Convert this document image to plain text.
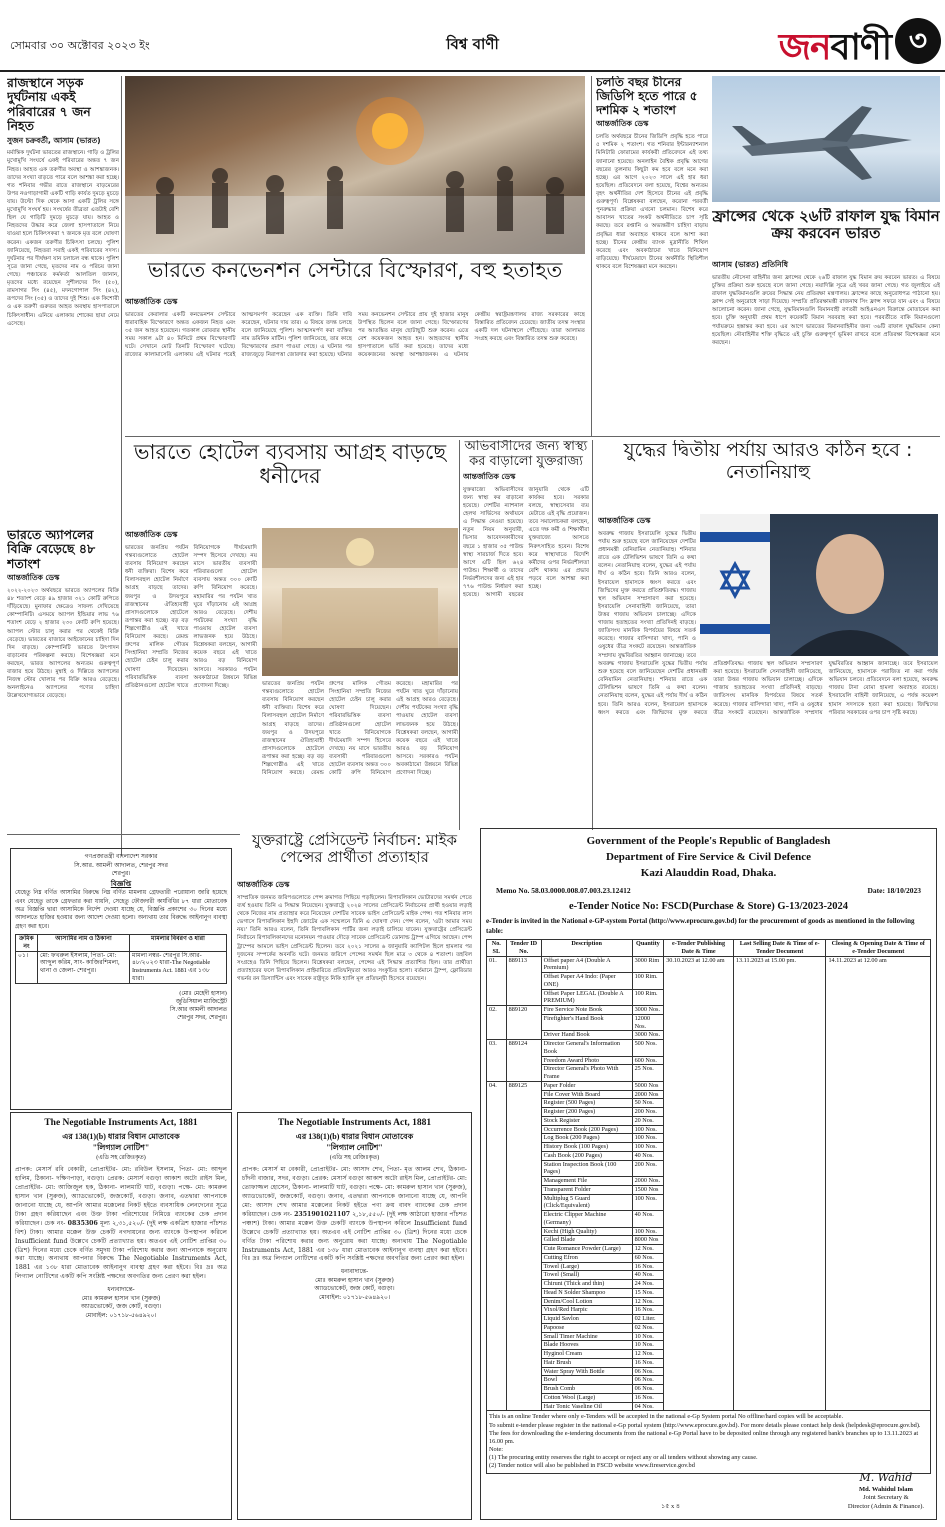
সোমবার ৩০ অক্টোবর ২০২৩ ইং	বিশ্ব বাণী	জনবাণী ৩
রাজস্থানে সড়ক দুর্ঘটনায় একই পরিবারের ৭ জন নিহত
সুজন চক্রবর্তী, আসাম (ভারত)
মর্মান্তিক দুর্ঘটনা ভারতের রাজস্থানে। গাড়ি ও ট্রলির মুখোমুখি সংঘর্ষে একই পরিবারের অন্তত ৭ জন নিহত। আহত এক তরুণীর অবস্থা ও আশঙ্কাজনক। তাদের সংখ্যা বাড়তে পারে বলে আশঙ্কা করা হচ্ছে। গত শনিবার গভীর রাতে রাজস্থানে বাড়মেরের উপর নওগাড়াগামী একটি গাড়ি কার্যত দুমড়ে মুচড়ে যায়। উল্টো দিক থেকে আসা একটি ট্রলির সঙ্গে মুখোমুখি সংঘর্ষ হয়। সংঘর্ষের তীব্রতা এতটাই বেশি ছিল যে গাড়িটি দুমড়ে মুচড়ে যায়। আহত ও নিহতদের উদ্ধার করে জেলা হাসপাতালে নিয়ে যাওয়া হলে চিকিৎসকরা ৭ জনকে মৃত বলে ঘোষণা করেন। একজন তরুণীর চিকিৎসা চলছে। পুলিশ জানিয়েছে, নিহতরা সবাই একই পরিবারের সদস্য। দুর্ঘটনার পর দীর্ঘক্ষণ যান চলাচল বন্ধ থাকে। পুলিশ সূত্রে জানা গেছে, মৃতদের নাম ও পরিচয় জানা গেছে। পঞ্চায়েত কর্মকর্তা আলতিল জানান, মৃতদের মধ্যে রয়েছেন সুশীলদের সিং (৫০), রামসাগর সিং (৪৫), মদনগোপাল সিং (৪২), রূপদেব সিং (৩৫) ও তাদের দুই শিশু। এক কিশোরী ও এক তরুণী গুরুতর আহত অবস্থায় হাসপাতালে চিকিৎসাধীন। এনিয়ে এলাকায় শোকের ছায়া নেমে এসেছে।
ভারতে কনভেনশন সেন্টারে বিস্ফোরণ, বহু হতাহত
আন্তর্জাতিক ডেস্ক
ভারতের কেরালার একটি কনভেনশন সেন্টারে ধারাবাহিক বিস্ফোরণে অন্তত একজন নিহত এবং ৩৫ জন আহত হয়েছেন। গতকাল রোববার স্থানীয় সময় সকাল ৯টা ৪০ মিনিটে প্রথম বিস্ফোরণটি ঘটে। সেখানে মোট তিনটি বিস্ফোরণ ঘটেছে। রাজ্যের কালামাসেরি এলাকায় এই ঘটনার পরেই আত্মসমর্পণ করেছেন এক ব্যক্তি। তিনি দাবি করেছেন, ঘটনার দায় তার। এ বিষয়ে তদন্ত চলছে বলে জানিয়েছে পুলিশ। আত্মসমর্পণ করা ব্যক্তির নাম ডমিনিক মার্টিন। পুলিশ জানিয়েছে, তার কাছে বিস্ফোরণের প্রমাণ পাওয়া গেছে। এ ঘটনার পর রাজ্যজুড়ে নিরাপত্তা জোরদার করা হয়েছে। ঘটনার সময় কনভেনশন সেন্টারে প্রায় দুই হাজার মানুষ উপস্থিত ছিলেন বলে জানা গেছে। বিস্ফোরণের পর আতঙ্কিত মানুষ ছোটাছুটি শুরু করেন। এতে বেশ কয়েকজন আহত হন। আহতদের স্থানীয় হাসপাতালে ভর্তি করা হয়েছে। তাদের মধ্যে কয়েকজনের অবস্থা আশঙ্কাজনক। এ ঘটনায় কেন্দ্রীয় স্বরাষ্ট্রমন্ত্রণালয় রাজ্য সরকারের কাছে বিস্তারিত প্রতিবেদন চেয়েছে। জাতীয় তদন্ত সংস্থার একটি দল ঘটনাস্থলে পৌঁছেছে। তারা আলামত সংগ্রহ করছে এবং বিস্তারিত তদন্ত শুরু করেছে।
চলতি বছর চীনের জিডিপি হতে পারে ৫ দশমিক ২ শতাংশ
আন্তর্জাতিক ডেস্ক
চলতি অর্থবছরে চীনের জিডিপি প্রবৃদ্ধি হতে পারে ৫ দশমিক ২ শতাংশ। গত শনিবার ইন্টারন্যাশনাল মিনিটারি ফোরামের কার্যকরী প্রতিবেদনে এই তথ্য জানানো হয়েছে। অনলাইন বৈশ্বিক প্রবৃদ্ধি আগের বছরের তুলনায় কিছুটা কম হবে বলে মনে করা হচ্ছে। এর আগে ২০২৩ সালে এই হার ধরা হয়েছিল। প্রতিবেদনে বলা হয়েছে, বিশ্বের অন্যতম বৃহৎ অর্থনীতির দেশ হিসেবে চীনের এই প্রবৃদ্ধি গুরুত্বপূর্ণ। বিশ্লেষকরা বলছেন, করোনা পরবর্তী পুনরুদ্ধার প্রক্রিয়া এখনো চলমান। বিশেষ করে আবাসন খাতের সংকট অর্থনীতিতে চাপ সৃষ্টি করছে। তবে রপ্তানি ও অভ্যন্তরীণ চাহিদা বাড়ায় প্রবৃদ্ধির ধারা অব্যাহত থাকবে বলে আশা করা হচ্ছে। চীনের কেন্দ্রীয় ব্যাংক মুদ্রানীতি শিথিল করেছে এবং অবকাঠামো খাতে বিনিয়োগ বাড়িয়েছে। দীর্ঘমেয়াদে চীনের অর্থনীতি স্থিতিশীল থাকবে বলে বিশেষজ্ঞরা মনে করছেন।
ফ্রান্সের থেকে ২৬টি রাফাল যুদ্ধ বিমান ক্রয় করবেন ভারত
আসাম (ভারত) প্রতিনিধি
ভারতীয় নৌসেনা বাহিনীর জন্য ফ্রান্সের থেকে ২৬টি রাফাল যুদ্ধ বিমান ক্রয় করবেন ভারত। এ বিষয়ে চুক্তির প্রক্রিয়া শুরু হয়েছে বলে জানা গেছে। নয়াদিল্লি সূত্রে এই খবর জানা গেছে। গত জুলাইয়ে এই রাফাল যুদ্ধবিমানগুলি ক্রয়ের সিদ্ধান্ত নেয় প্রতিরক্ষা মন্ত্রণালয়। ফ্রান্সের কাছে অনুরোধপত্র পাঠানো হয়। ফ্রান্স সেই অনুরোধে সাড়া দিয়েছে। সম্প্রতি প্রতিরক্ষামন্ত্রী রাজনাথ সিং ফ্রান্স সফরে যান এবং এ বিষয়ে আলোচনা করেন। জানা গেছে, যুদ্ধবিমানগুলি বিমানবাহী রণতরী আইএনএস বিক্রান্তে মোতায়েন করা হবে। চুক্তি অনুযায়ী প্রথম ধাপে কয়েকটি বিমান সরবরাহ করা হবে। পরবর্তীতে বাকি বিমানগুলো পর্যায়ক্রমে হস্তান্তর করা হবে। এর আগে ভারতের বিমানবাহিনীর জন্য ৩৬টি রাফাল যুদ্ধবিমান কেনা হয়েছিল। নৌবাহিনীর শক্তি বৃদ্ধিতে এই চুক্তি গুরুত্বপূর্ণ ভূমিকা রাখবে বলে প্রতিরক্ষা বিশেষজ্ঞরা মনে করছেন।
ভারতে অ্যাপলের বিক্রি বেড়েছে ৪৮ শতাংশ
আন্তর্জাতিক ডেস্ক
২০২২-২০২৩ অর্থবছরে ভারতে অ্যাপলের বিক্রি ৪৮ শতাংশ বেড়ে ৪৯ হাজার ৩২১ কোটি রুপিতে দাঁড়িয়েছে। মুনাফার ক্ষেত্রেও সাফল্য দেখিয়েছে কোম্পানিটি। এসময়ে অ্যাপল ইন্ডিয়ার লাভ ৭৬ শতাংশ বেড়ে ২ হাজার ২৩০ কোটি রুপি হয়েছে। অ্যাপল স্টোর চালু করার পর থেকেই বিক্রি বেড়েছে। ভারতের বাজারে আইফোনের চাহিদা দিন দিন বাড়ছে। কোম্পানিটি ভারতে উৎপাদন বাড়ানোর পরিকল্পনা করছে। বিশেষজ্ঞরা মনে করছেন, ভারত অ্যাপলের অন্যতম গুরুত্বপূর্ণ বাজার হয়ে উঠছে। মুম্বাই ও দিল্লিতে অ্যাপলের নিজস্ব স্টোর খোলার পর বিক্রি আরও বেড়েছে। অনলাইনেও অ্যাপলের পণ্যের চাহিদা উল্লেখযোগ্যভাবে বেড়েছে।
ভারতে হোটেল ব্যবসায় আগ্রহ বাড়ছে ধনীদের
আন্তর্জাতিক ডেস্ক
ভারতের জনপ্রিয় পর্যটন গন্তব্যগুলোতে হোটেল ব্যবসায় বিনিয়োগ করছেন ধনী ব্যক্তিরা। বিশেষ করে বিলাসবহুল হোটেল নির্মাণে আগ্রহ বাড়ছে তাদের। জয়পুর ও উদয়পুরে রাজস্থানের ঐতিহ্যবাহী প্রাসাদগুলোকে হোটেলে রূপান্তর করা হচ্ছে। বড় বড় শিল্পগোষ্ঠীও এই খাতে বিনিয়োগ করছে। রেমন্ড গ্রুপের মালিক গৌতম সিংহানিয়া সম্প্রতি নিজের হোটেল চেইন চালু করার ঘোষণা দিয়েছেন। পরিবারভিত্তিক ব্যবসা প্রতিষ্ঠানগুলো হোটেল খাতে বিনিয়োগকে দীর্ঘমেয়াদি সম্পদ হিসেবে দেখছে। নয় মাসে ভারতীয় ব্যবসায়ী পরিবারগুলো হোটেল ব্যবসায় অন্তত ৩০০ কোটি রুপি বিনিয়োগ করেছে। মহামারির পর পর্যটন খাত ঘুরে দাঁড়ানোয় এই আগ্রহ আরও বেড়েছে। দেশীয় পর্যটকের সংখ্যা বৃদ্ধি পাওয়ায় হোটেল ব্যবসা লাভজনক হয়ে উঠছে। বিশ্লেষকরা বলছেন, আগামী কয়েক বছরে এই খাতে আরও বড় বিনিয়োগ আসবে। সরকারও পর্যটন অবকাঠামো উন্নয়নে বিভিন্ন প্রণোদনা দিচ্ছে।	ভারতের জনপ্রিয় পর্যটন গন্তব্যগুলোতে হোটেল ব্যবসায় বিনিয়োগ করছেন ধনী ব্যক্তিরা। বিশেষ করে বিলাসবহুল হোটেল নির্মাণে আগ্রহ বাড়ছে তাদের। জয়পুর ও উদয়পুরে রাজস্থানের ঐতিহ্যবাহী প্রাসাদগুলোকে হোটেলে রূপান্তর করা হচ্ছে। বড় বড় শিল্পগোষ্ঠীও এই খাতে বিনিয়োগ করছে। রেমন্ড গ্রুপের মালিক গৌতম সিংহানিয়া সম্প্রতি নিজের হোটেল চেইন চালু করার ঘোষণা দিয়েছেন। পরিবারভিত্তিক ব্যবসা প্রতিষ্ঠানগুলো হোটেল খাতে বিনিয়োগকে দীর্ঘমেয়াদি সম্পদ হিসেবে দেখছে। নয় মাসে ভারতীয় ব্যবসায়ী পরিবারগুলো হোটেল ব্যবসায় অন্তত ৩০০ কোটি রুপি বিনিয়োগ করেছে। মহামারির পর পর্যটন খাত ঘুরে দাঁড়ানোয় এই আগ্রহ আরও বেড়েছে। দেশীয় পর্যটকের সংখ্যা বৃদ্ধি পাওয়ায় হোটেল ব্যবসা লাভজনক হয়ে উঠছে। বিশ্লেষকরা বলছেন, আগামী কয়েক বছরে এই খাতে আরও বড় বিনিয়োগ আসবে। সরকারও পর্যটন অবকাঠামো উন্নয়নে বিভিন্ন প্রণোদনা দিচ্ছে।
অভিবাসীদের জন্য স্বাস্থ্য কর বাড়ালো যুক্তরাজ্য
আন্তর্জাতিক ডেস্ক
যুক্তরাজ্যে অভিবাসীদের জন্য স্বাস্থ্য কর বাড়ানো হয়েছে। দেশটির ন্যাশনাল হেলথ সার্ভিসের অর্থায়নে এ সিদ্ধান্ত নেওয়া হয়েছে। নতুন নিয়ম অনুযায়ী, ভিসার আবেদনকারীদের বছরে ১ হাজার ৩৫ পাউন্ড স্বাস্থ্য সারচার্জ দিতে হবে। আগে এটি ছিল ৬২৪ পাউন্ড। শিক্ষার্থী ও তাদের নির্ভরশীলদের জন্য এই হার ৭৭৬ পাউন্ড নির্ধারণ করা হয়েছে। আগামী বছরের জানুয়ারি থেকে এটি কার্যকর হবে। সরকার বলছে, স্বাস্থ্যসেবার ব্যয় মেটাতে এই বৃদ্ধি প্রয়োজন। তবে সমালোচকরা বলছেন, এতে দক্ষ কর্মী ও শিক্ষার্থীরা যুক্তরাজ্যে আসতে নিরুৎসাহিত হবেন। বিশেষ করে স্বাস্থ্যখাতে বিদেশি কর্মীদের ওপর নির্ভরশীলতা বেশি থাকায় এর প্রভাব পড়বে বলে আশঙ্কা করা হচ্ছে।
যুদ্ধের দ্বিতীয় পর্যায় আরও কঠিন হবে : নেতানিয়াহু
আন্তর্জাতিক ডেস্ক
অবরুদ্ধ গাজায় ইসরায়েলি যুদ্ধের দ্বিতীয় পর্যায় শুরু হয়েছে বলে জানিয়েছেন দেশটির প্রধানমন্ত্রী বেনিয়ামিন নেতানিয়াহু। শনিবার রাতে এক টেলিভিশন ভাষণে তিনি এ কথা বলেন। নেতানিয়াহু বলেন, যুদ্ধের এই পর্যায় দীর্ঘ ও কঠিন হবে। তিনি আরও বলেন, ইসরায়েল হামাসকে ধ্বংস করতে এবং জিম্মিদের মুক্ত করতে প্রতিশ্রুতিবদ্ধ। গাজায় স্থল অভিযান সম্প্রসারণ করা হয়েছে। ইসরায়েলি সেনাবাহিনী জানিয়েছে, তারা উত্তর গাজায় অভিযান চালাচ্ছে। এদিকে গাজায় হতাহতের সংখ্যা প্রতিদিনই বাড়ছে। জাতিসংঘ মানবিক বিপর্যয়ের বিষয়ে সতর্ক করেছে। গাজার বাসিন্দারা খাদ্য, পানি ও ওষুধের তীব্র সংকটে রয়েছেন। আন্তর্জাতিক সম্প্রদায় যুদ্ধবিরতির আহ্বান জানাচ্ছে। তবে
অবরুদ্ধ গাজায় ইসরায়েলি যুদ্ধের দ্বিতীয় পর্যায় শুরু হয়েছে বলে জানিয়েছেন দেশটির প্রধানমন্ত্রী বেনিয়ামিন নেতানিয়াহু। শনিবার রাতে এক টেলিভিশন ভাষণে তিনি এ কথা বলেন। নেতানিয়াহু বলেন, যুদ্ধের এই পর্যায় দীর্ঘ ও কঠিন হবে। তিনি আরও বলেন, ইসরায়েল হামাসকে ধ্বংস করতে এবং জিম্মিদের মুক্ত করতে প্রতিশ্রুতিবদ্ধ। গাজায় স্থল অভিযান সম্প্রসারণ করা হয়েছে। ইসরায়েলি সেনাবাহিনী জানিয়েছে, তারা উত্তর গাজায় অভিযান চালাচ্ছে। এদিকে গাজায় হতাহতের সংখ্যা প্রতিদিনই বাড়ছে। জাতিসংঘ মানবিক বিপর্যয়ের বিষয়ে সতর্ক করেছে। গাজার বাসিন্দারা খাদ্য, পানি ও ওষুধের তীব্র সংকটে রয়েছেন। আন্তর্জাতিক সম্প্রদায় যুদ্ধবিরতির আহ্বান জানাচ্ছে। তবে ইসরায়েল জানিয়েছে, হামাসকে পরাজিত না করা পর্যন্ত অভিযান চলবে। প্রতিবেদনে বলা হয়েছে, অবরুদ্ধ গাজায় টানা বোমা হামলা অব্যাহত রয়েছে। ইসরায়েলি বাহিনী জানিয়েছে, এ পর্যন্ত কয়েকশ হামাস সদস্যকে হত্যা করা হয়েছে। জিম্মিদের পরিবার সরকারের ওপর চাপ সৃষ্টি করছে।
যুক্তরাষ্ট্রে প্রেসিডেন্ট নির্বাচন: মাইক পেন্সের প্রার্থীতা প্রত্যাহার
আন্তর্জাতিক ডেস্ক
সাম্প্রতিক জনমত জরিপগুলোতে পেন্স ক্রমাগত পিছিয়ে পড়ছিলেন। রিপাবলিকান ভোটারদের সমর্থন পেতে ব্যর্থ হওয়ায় তিনি এ সিদ্ধান্ত নিয়েছেন। যুক্তরাষ্ট্রে ২০২৪ সালের প্রেসিডেন্ট নির্বাচনের প্রার্থী হওয়ার লড়াই থেকে নিজের নাম প্রত্যাহার করে নিয়েছেন দেশটির সাবেক ভাইস প্রেসিডেন্ট মাইক পেন্স। গত শনিবার লাস ভেগাসে রিপাবলিকান ইহুদি জোটের এক সম্মেলনে তিনি এ ঘোষণা দেন। পেন্স বলেন, 'এটা আমার সময় নয়।' তিনি আরও বলেন, তিনি রিপাবলিকান পার্টির জন্য লড়াই চালিয়ে যাবেন। যুক্তরাষ্ট্রের প্রেসিডেন্ট নির্বাচনে রিপাবলিকানদের মনোনয়ন পাওয়ার দৌড়ে সাবেক প্রেসিডেন্ট ডোনাল্ড ট্রাম্প এগিয়ে আছেন। পেন্স ট্রাম্পের আমলে ভাইস প্রেসিডেন্ট ছিলেন। তবে ২০২১ সালের ৬ জানুয়ারি ক্যাপিটল হিলে হামলার পর দুজনের সম্পর্কের অবনতি ঘটে। জনমত জরিপে পেন্সের সমর্থন ছিল মাত্র ৩ থেকে ৪ শতাংশ। তহবিল সংগ্রহেও তিনি পিছিয়ে ছিলেন। বিশ্লেষকরা বলছেন, পেন্সের এই সিদ্ধান্ত প্রত্যাশিত ছিল। তার প্রার্থীতা প্রত্যাহারের ফলে রিপাবলিকান প্রাইমারিতে প্রতিদ্বন্দ্বিতা আরও সংকুচিত হলো। বর্তমানে ট্রাম্প, ফ্লোরিডার গভর্নর রন ডিস্যান্টিস এবং সাবেক রাষ্ট্রদূত নিকি হ্যালি মূল প্রতিদ্বন্দ্বী হিসেবে রয়েছেন।
গণপ্রজাতন্ত্রী বাংলাদেশ সরকার
সি.আর. আমলী আদালত, শেরপুর সদর
শেরপুর।
বিজ্ঞপ্তি
যেহেতু নিম্ন বর্ণিত আসামির বিরুদ্ধে নিম্ন বর্ণিত মামলায় গ্রেফতারী পরোয়ানা জারি হয়েছে এবং যেহেতু তাকে গ্রেফতার করা যায়নি, সেহেতু ফৌজদারী কার্যবিধির ৮৭ ধারা মোতাবেক অত্র বিজ্ঞপ্তি দ্বারা আসামিকে নির্দেশ দেওয়া যাচ্ছে যে, বিজ্ঞপ্তি প্রকাশের ৩০ দিনের মধ্যে আদালতে হাজির হওয়ার জন্য আদেশ দেওয়া হলো। অন্যথায় তার বিরুদ্ধে আইনানুগ ব্যবস্থা গ্রহণ করা হবে।
ক্রমিক নং	আসামির নাম ও ঠিকানা	মামলার বিবরণ ও ধারা
০১।	মো: ফখরুল ইসলাম, পিতা- মো: আব্দুল করিম, সাং- কাজিরশিমলা, থানা ও জেলা- শেরপুর।	মামলা নম্বর- শেরপুর সি.আর- ৪৮/২০২৩ ধারা-The Negotiable Instruments Act. 1881 এর ১৩৮ ধারা।
(মোঃ মেহেদী হাসান)
জুডিসিয়াল ম্যাজিস্ট্রেট
সি.আর আমলী আদালত
শেরপুর সদর, শেরপুর।
The Negotiable Instruments Act, 1881
এর 138(1)(b) ধারার বিধান মোতাবেক
"লিগ্যাল নোটিশ"
(এডি সহ রেজিঃকৃত)
প্রাপক: মেসার্স রবি বেকারী, প্রোপ্রাইটর- মো: রবিউল ইসলাম, পিতা- মো: আব্দুল হালিম, ঠিকানা- দক্ষিণপাড়া, বগুড়া। প্রেরক: মেসার্স বগুড়া আকাশ অটো রাইস মিল, প্রোপ্রাইটর- মো: আজিজুল হক, ঠিকানা- লালমাটি ঘাট, বগুড়া। পক্ষে- মো: কামরুল হাসান খান (সুরুজ), অ্যাডভোকেট, জজকোর্ট, বগুড়া। জনাব, এতদ্বারা আপনাকে জানানো যাচ্ছে যে, আপনি আমার মক্কেলের নিকট হইতে ব্যবসায়িক লেনদেনের সূত্রে টাকা গ্রহণ করিয়াছেন এবং উক্ত টাকা পরিশোধের নিমিত্তে ব্যাংকের চেক প্রদান করিয়াছেন। চেক নং- 0835306 মূল্য ২,৩১,৫২০/- (দুই লক্ষ একত্রিশ হাজার পাঁচশত বিশ) টাকা। আমার মক্কেল উক্ত চেকটি নগদায়নের জন্য ব্যাংকে উপস্থাপন করিলে Insufficient fund উল্লেখে চেকটি প্রত্যাখ্যাত হয়। অতএব এই নোটিশ প্রাপ্তির ৩০ (ত্রিশ) দিনের মধ্যে চেকে বর্ণিত সমুদয় টাকা পরিশোধ করার জন্য আপনাকে অনুরোধ করা যাচ্ছে। অন্যথায় আপনার বিরুদ্ধে The Negotiable Instruments Act, 1881 এর ১৩৮ ধারা মোতাবেক আইনানুগ ব্যবস্থা গ্রহণ করা হইবে। বিঃ দ্রঃ অত্র লিগ্যাল নোটিশের একটি কপি সংশ্লিষ্ট পক্ষদের অবগতির জন্য প্রেরণ করা হইল।
ধন্যবাদান্তে-
মোঃ কামরুল হাসান খান (সুরুজ)
অ্যাডভোকেট, জজ কোর্ট, বগুড়া।
মোবাইল: ০১৭১৮-৫৬৪৯২০।
The Negotiable Instruments Act, 1881
এর 138(1)(b) ধারার বিধান মোতাবেক
"লিগ্যাল নোটিশ"
(এডি সহ রেজিঃকৃত)
প্রাপক: মেসার্স মা বেকারী, প্রোপ্রাইটর- মো: আসাদ শেখ, পিতা- মৃত আলম শেখ, ঠিকানা- চাঁদনী বাজার, সদর, বগুড়া। প্রেরক: মেসার্স বগুড়া আকাশ অটো রাইস মিল, প্রোপ্রাইটর- মো: তোফাজ্জল হোসেন, ঠিকানা- লালমাটি ঘাট, বগুড়া। পক্ষে- মো: কামরুল হাসান খান (সুরুজ), অ্যাডভোকেট, জজকোর্ট, বগুড়া। জনাব, এতদ্বারা আপনাকে জানানো যাচ্ছে যে, আপনি মো: আসাদ শেখ আমার মক্কেলের নিকট হইতে পণ্য ক্রয় বাবদ ব্যাংকের চেক প্রদান করিয়াছেন। চেক নং- 2351901021107 ২,১৮,৫৫০/- (দুই লক্ষ আঠারো হাজার পাঁচশত পঞ্চাশ) টাকা। আমার মক্কেল উক্ত চেকটি ব্যাংকে উপস্থাপন করিলে Insufficient fund উল্লেখে চেকটি প্রত্যাখ্যাত হয়। অতএব এই নোটিশ প্রাপ্তির ৩০ (ত্রিশ) দিনের মধ্যে চেকে বর্ণিত টাকা পরিশোধ করার জন্য অনুরোধ করা যাচ্ছে। অন্যথায় The Negotiable Instruments Act, 1881 এর ১৩৮ ধারা মোতাবেক আইনানুগ ব্যবস্থা গ্রহণ করা হইবে। বিঃ দ্রঃ অত্র লিগ্যাল নোটিশের একটি কপি সংশ্লিষ্ট পক্ষদের অবগতির জন্য প্রেরণ করা হইল।
ধন্যবাদান্তে-
মোঃ কামরুল হাসান খান (সুরুজ)
অ্যাডভোকেট, জজ কোর্ট, বগুড়া।
মোবাইল: ০১৭১৮-৫৬৪৯২০।
Government of the People's Republic of Bangladesh
Department of Fire Service & Civil Defence
Kazi Alauddin Road, Dhaka.
Memo No. 58.03.0000.008.07.003.23.12412	Date: 18/10/2023
e-Tender Notice No: FSCD(Purchase & Store) G-13/2023-2024
e-Tender is invited in the National e-GP-system Portal (http://www.eprocure.gov.bd) for the procurement of goods as mentioned in the following table:
No. SL	Tender ID No.	Description	Quantity	e-Tender Publishing Date & Time	Last Selling Date & Time of e-Tender Document	Closing & Opening Date & Time of e-Tender Document
01.	889113	Offset paper A4 (Double A Premium)	3000 Rim	30.10.2023 at 12.00 am	13.11.2023 at 15.00 pm.	14.11.2023 at 12.00 am
		Offset Paper A4 Indo: (Paper ONE)	100 Rim.			
		Offset Paper LEGAL (Double A PREMIUM)	100 Rim.			
02.	889120	Fire Service Note Book	3000 Nos.			
		Firefighter's Hand Book	12000 Nos.			
		Driver Hand Book	3000 Nos.			
03.	889124	Director General's Information Book	500 Nos.			
		Freedom Award Photo	600 Nos.			
		Director General's Photo With Frame	25 Nos.			
04.	889125	Paper Folder	5000 Nos			
		File Cover With Board	2000 Nos			
		Register (500 Pages)	50 Nos.			
		Register (200 Pages)	200 Nos.			
		Stock Register	20 Nos.			
		Occurrence Book (200 Pages)	100 Nos.			
		Log Book (200 Pages)	100 Nos.			
		History Book (100 Pages)	100 Nos.			
		Cash Book (200 Pages)	40 Nos.			
		Station Inspection Book (100 Pages)	200 Nos.			
		Management File	2000 Nos.			
		Transparent Folder	1500 Nos			
		Multiplug 5 Guard (Click/Equivalent)	100 Nos.			
		Electric Clipper Machine (Germany)	40 Nos.			
		Kechi (High Quality)	100 Nos.			
		Gilled Blade	8000 Nos			
		Cute Romance Powder (Large)	12 Nos.			
		Cutting Efron	60 Nos.			
		Towel (Large)	16 Nos.			
		Towel (Small)	40 Nos.			
		Chiruni (Thick and thin)	24 Nos.			
		Head N Solder Shampoo	15 Nos.			
		Denim/Cool Lotion	12 Nos.			
		Vixol/Red Harpic	16 Nos.			
		Liquid Savlon	02 Liter.			
		Papoose	02 Nos.			
		Small Timer Machine	10 Nos.			
		Blade Hooves	10 Nos.			
		Hyginol Cream	12 Nos.			
		Hair Brush	16 Nos.			
		Water Spray With Bottle	06 Nos.			
		Bowl	06 Nos.			
		Brush Comb	06 Nos.			
		Cotton Wool (Large)	16 Nos.			
		Hair Tonic Vaseline Oil	04 Nos.			
This is an online Tender where only e-Tenders will be accepted in the national e-Gp System portal No offline/hard copies will be acceptable.
To submit e-tender please register in the national e-Gp portal system (http://www.eprocure.gov.bd). For more details please contact help desk (helpdesk@eprocure.gov.bd).
The fees for downloading the e-tendering documents from the national e-Gp Portal have to be deposited online through any registered bank's branches up to 13.11.2023 at 16.00 pm.
Note:
(1) The procuring entity reserves the right to accept or reject any or all tenders without showing any cause.
(2) Tender notice will also be published in FSCD website www.fireservice.gov.bd
M. Wahid
Md. Wahidul Islam
Joint Secretary &
Director (Admin & Finance).
১৫ x ৪
